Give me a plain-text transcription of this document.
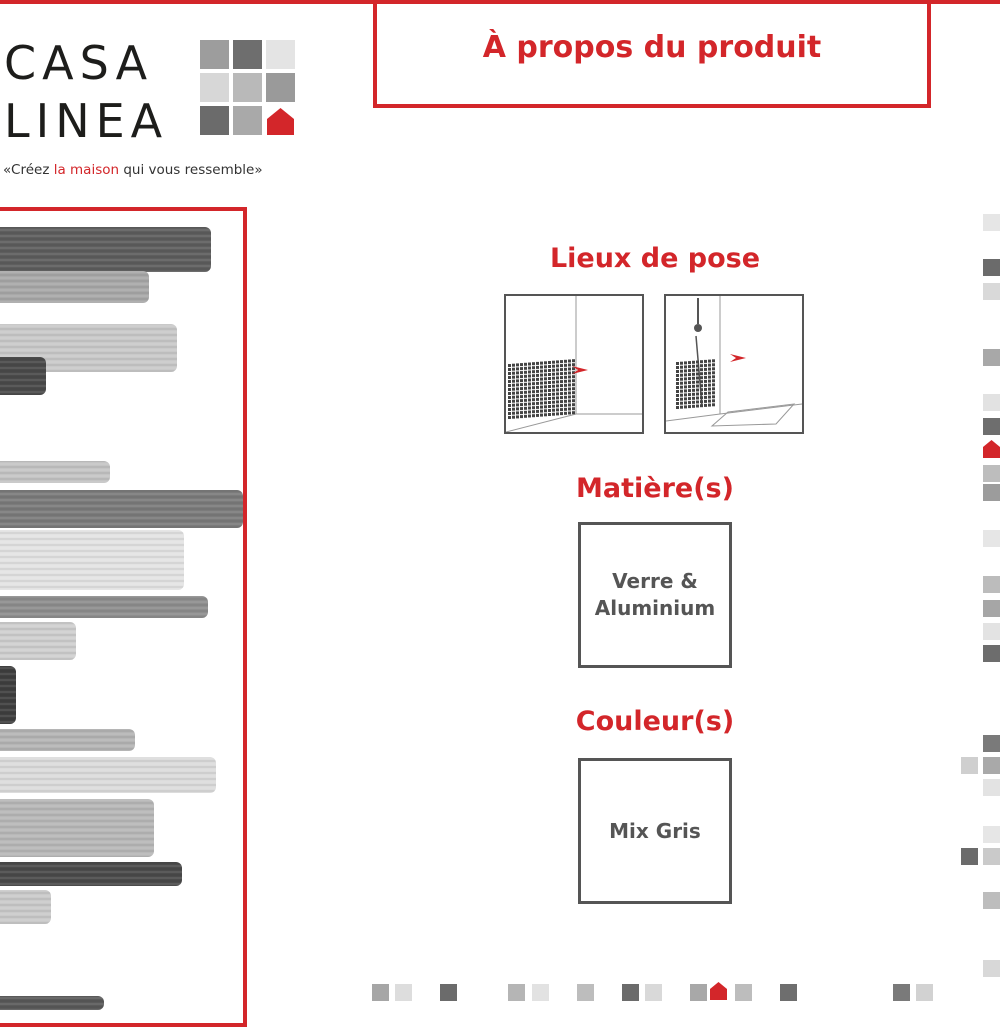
CASA
LINEA
«Créez la maison qui vous ressemble»
À propos du produit
Lieux de pose
Matière(s)
Verre &
Aluminium
Couleur(s)
Mix Gris
